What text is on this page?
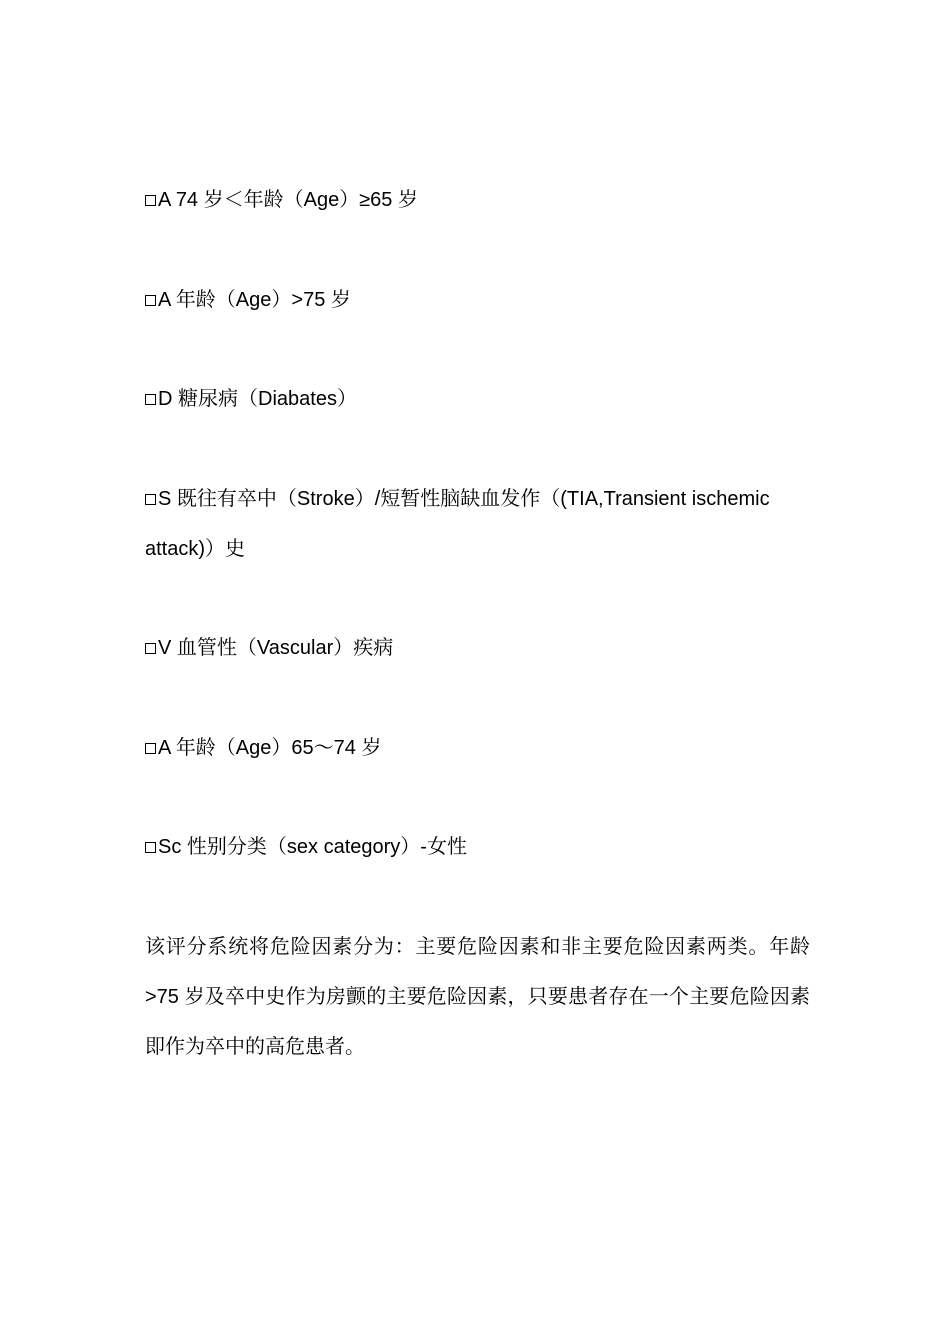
A 74 岁＜年龄（Age）≥65 岁
A 年龄（Age）>75 岁
D 糖尿病（Diabates）
S 既往有卒中（Stroke）/短暂性脑缺血发作（(TIA,Transient ischemic attack)）史
V 血管性（Vascular）疾病
A 年龄（Age）65～74 岁
Sc 性别分类（sex category）-女性
该评分系统将危险因素分为：主要危险因素和非主要危险因素两类。年龄>75 岁及卒中史作为房颤的主要危险因素，只要患者存在一个主要危险因素即作为卒中的高危患者。
